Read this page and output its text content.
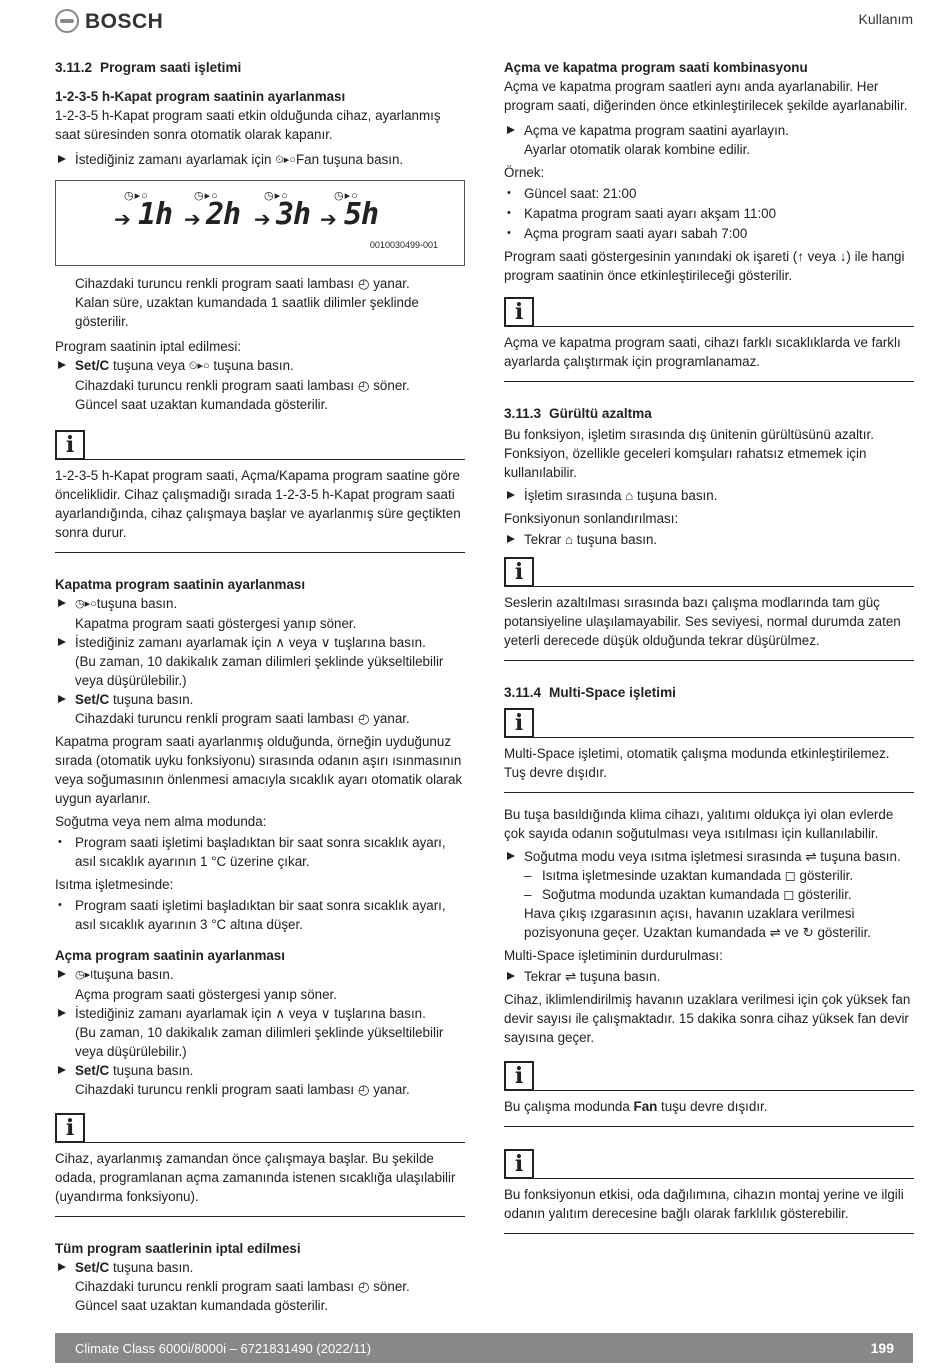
BOSCH	Kullanım
3.11.2 Program saati işletimi
1-2-3-5 h-Kapat program saatinin ayarlanması

1-2-3-5 h-Kapat program saati etkin olduğunda cihaz, ayarlanmış saat süresinden sonra otomatik olarak kapanır.

İstediğiniz zamanı ayarlamak için ⏲▸○Fan tuşuna basın.

◷▸○	◷▸○	◷▸○	◷▸○
➔ 1h ➔ 2h ➔ 3h ➔ 5h
0010030499-001

Cihazdaki turuncu renkli program saati lambası ◴ yanar.

Kalan süre, uzaktan kumandada 1 saatlik dilimler şeklinde gösterilir.

Program saatinin iptal edilmesi:

Set/C tuşuna veya ⏲▸○ tuşuna basın.

Cihazdaki turuncu renkli program saati lambası ◴ söner.

Güncel saat uzaktan kumandada gösterilir.

i
1-2-3-5 h-Kapat program saati, Açma/Kapama program saatine göre önceliklidir. Cihaz çalışmadığı sırada 1-2-3-5 h-Kapat program saati ayarlandığında, cihaz çalışmaya başlar ve ayarlanmış süre geçtikten sonra durur.
Kapatma program saatinin ayarlanması

◷▸○tuşuna basın.

Kapatma program saati göstergesi yanıp söner.

İstediğiniz zamanı ayarlamak için ∧ veya ∨ tuşlarına basın.

(Bu zaman, 10 dakikalık zaman dilimleri şeklinde yükseltilebilir veya düşürülebilir.)

Set/C tuşuna basın.

Cihazdaki turuncu renkli program saati lambası ◴ yanar.

Kapatma program saati ayarlanmış olduğunda, örneğin uyduğunuz sırada (otomatik uyku fonksiyonu) sırasında odanın aşırı ısınmasının veya soğumasının önlenmesi amacıyla sıcaklık ayarı otomatik olarak uygun ayarlanır.

Soğutma veya nem alma modunda:

• Program saati işletimi başladıktan bir saat sonra sıcaklık ayarı, asıl sıcaklık ayarının 1 °C üzerine çıkar.

Isıtma işletmesinde:

• Program saati işletimi başladıktan bir saat sonra sıcaklık ayarı, asıl sıcaklık ayarının 3 °C altına düşer.

Açma program saatinin ayarlanması

◷▸Ituşuna basın.

Açma program saati göstergesi yanıp söner.

İstediğiniz zamanı ayarlamak için ∧ veya ∨ tuşlarına basın.

(Bu zaman, 10 dakikalık zaman dilimleri şeklinde yükseltilebilir veya düşürülebilir.)

Set/C tuşuna basın.

Cihazdaki turuncu renkli program saati lambası ◴ yanar.

i
Cihaz, ayarlanmış zamandan önce çalışmaya başlar. Bu şekilde odada, programlanan açma zamanında istenen sıcaklığa ulaşılabilir (uyandırma fonksiyonu).
Tüm program saatlerinin iptal edilmesi

Set/C tuşuna basın.

Cihazdaki turuncu renkli program saati lambası ◴ söner.

Güncel saat uzaktan kumandada gösterilir.

Açma ve kapatma program saati kombinasyonu

Açma ve kapatma program saatleri aynı anda ayarlanabilir. Her program saati, diğerinden önce etkinleştirilecek şekilde ayarlanabilir.

Açma ve kapatma program saatini ayarlayın.

Ayarlar otomatik olarak kombine edilir.

Örnek:

• Güncel saat: 21:00

• Kapatma program saati ayarı akşam 11:00

• Açma program saati ayarı sabah 7:00

Program saati göstergesinin yanındaki ok işareti (↑ veya ↓) ile hangi program saatinin önce etkinleştirileceği gösterilir.

i
Açma ve kapatma program saati, cihazı farklı sıcaklıklarda ve farklı ayarlarda çalıştırmak için programlanamaz.
3.11.3 Gürültü azaltma

Bu fonksiyon, işletim sırasında dış ünitenin gürültüsünü azaltır. Fonksiyon, özellikle geceleri komşuları rahatsız etmemek için kullanılabilir.

İşletim sırasında ⌂ tuşuna basın.

Fonksiyonun sonlandırılması:

Tekrar ⌂ tuşuna basın.

i
Seslerin azaltılması sırasında bazı çalışma modlarında tam güç potansiyeline ulaşılamayabilir. Ses seviyesi, normal durumda zaten yeterli derecede düşük olduğunda tekrar düşürülmez.
3.11.4 Multi-Space işletimi
i
Multi-Space işletimi, otomatik çalışma modunda etkinleştirilemez. Tuş devre dışıdır.

Bu tuşa basıldığında klima cihazı, yalıtımı oldukça iyi olan evlerde çok sayıda odanın soğutulması veya ısıtılması için kullanılabilir.

Soğutma modu veya ısıtma işletmesi sırasında ⇌ tuşuna basın.

– Isıtma işletmesinde uzaktan kumandada ◻ gösterilir.

– Soğutma modunda uzaktan kumandada ◻ gösterilir.

Hava çıkış ızgarasının açısı, havanın uzaklara verilmesi pozisyonuna geçer. Uzaktan kumandada ⇌ ve ↻ gösterilir.

Multi-Space işletiminin durdurulması:

Tekrar ⇌ tuşuna basın.

Cihaz, iklimlendirilmiş havanın uzaklara verilmesi için çok yüksek fan devir sayısı ile çalışmaktadır. 15 dakika sonra cihaz yüksek fan devir sayısına geçer.

i
Bu çalışma modunda Fan tuşu devre dışıdır.
i
Bu fonksiyonun etkisi, oda dağılımına, cihazın montaj yerine ve ilgili odanın yalıtım derecesine bağlı olarak farklılık gösterebilir.
Climate Class 6000i/8000i – 6721831490 (2022/11)	199
